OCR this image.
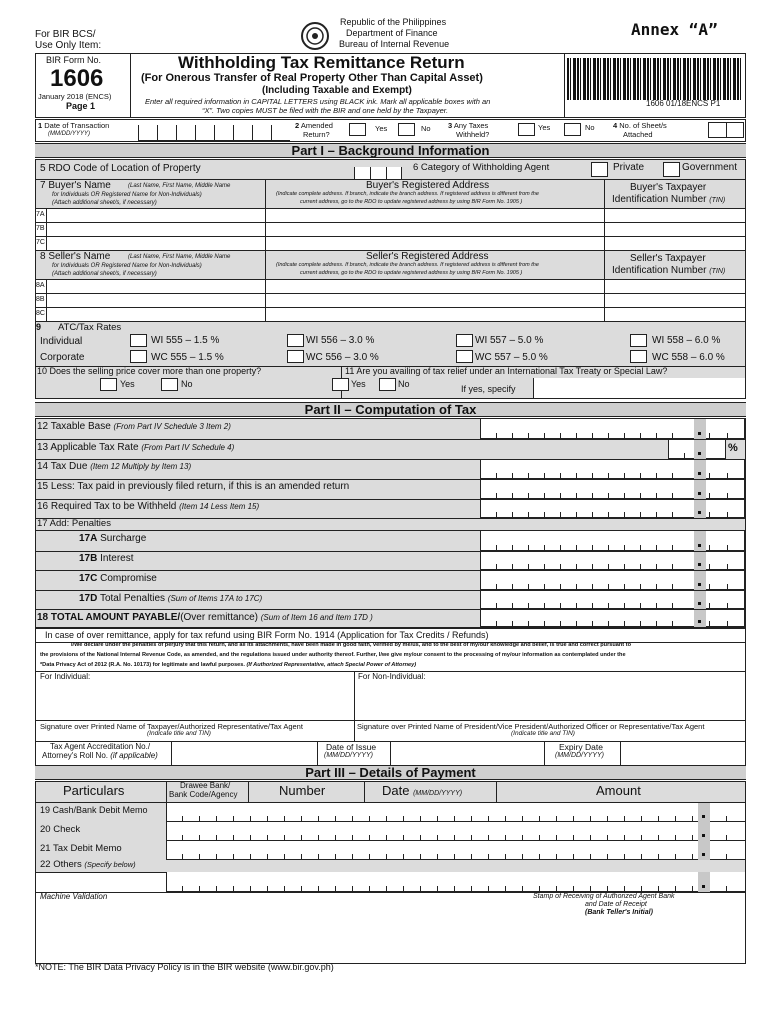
For BIR BCS/
Use Only Item:
Republic of the Philippines
Department of Finance
Bureau of Internal Revenue
Annex “A”
BIR Form No.
1606
January 2018 (ENCS)
Page 1
Withholding Tax Remittance Return
(For Onerous Transfer of Real Property Other Than Capital Asset)
(Including Taxable and Exempt)
Enter all required information in CAPITAL LETTERS using BLACK ink. Mark all applicable boxes with an
“X”. Two copies MUST be filed with the BIR and one held by the Taxpayer.
1606 01/18ENCS P1
1 Date of Transaction
(MM/DD/YYYY)
2 Amended
Return?
Yes	No 3 Any Taxes
Withheld?
Yes	No 4 No. of Sheet/s
Attached
Part I – Background Information
5 RDO Code of Location of Property	6 Category of Withholding Agent	Private	Government
7 Buyer's Name	(Last Name, First Name, Middle Name
for Individuals OR Registered Name for Non-Individuals)
(Attach additional sheet/s, if necessary)
Buyer's Registered Address
(Indicate complete address. If branch, indicate the branch address. If registered address is different from the
current address, go to the RDO to update registered address by using BIR Form No. 1905 )
Buyer's Taxpayer
Identification Number (TIN)
7A
7B
7C
8 Seller's Name	(Last Name, First Name, Middle Name
for Individuals OR Registered Name for Non-Individuals)
(Attach additional sheet/s, if necessary)
Seller's Registered Address
(Indicate complete address. If branch, indicate the branch address. If registered address is different from the
current address, go to the RDO to update registered address by using BIR Form No. 1905 )
Seller's Taxpayer
Identification Number (TIN)
8A
8B
8C
9 ATC/Tax Rates
Individual
Corporate
WI 555 – 1.5 %	WI 556 – 3.0 %	WI 557 – 5.0 %	WI 558 – 6.0 %
WC 555 – 1.5 %	WC 556 – 3.0 %	WC 557 – 5.0 %	WC 558 – 6.0 %
10 Does the selling price cover more than one property?
Yes	No
11 Are you availing of tax relief under an International Tax Treaty or Special Law?
Yes	No	If yes, specify
Part II – Computation of Tax
12 Taxable Base (From Part IV Schedule 3 Item 2)
13 Applicable Tax Rate (From Part IV Schedule 4)	%
14 Tax Due (Item 12 Multiply by Item 13)
15 Less: Tax paid in previously filed return, if this is an amended return
16 Required Tax to be Withheld (Item 14 Less Item 15)
17 Add: Penalties
17A Surcharge
17B Interest
17C Compromise
17D Total Penalties (Sum of Items 17A to 17C)
18 TOTAL AMOUNT PAYABLE/(Over remittance) (Sum of Item 16 and Item 17D )
In case of over remittance, apply for tax refund using BIR Form No. 1914 (Application for Tax Credits / Refunds)
I/We declare under the penalties of perjury that this return, and all its attachments, have been made in good faith, verified by me/us, and to the best of my/our knowledge and belief, is true and correct pursuant to
the provisions of the National Internal Revenue Code, as amended, and the regulations issued under authority thereof. Further, I/we give my/our consent to the processing of my/our information as contemplated under the
*Data Privacy Act of 2012 (R.A. No. 10173) for legitimate and lawful purposes. (If Authorized Representative, attach Special Power of Attorney)
For Individual:	For Non-Individual:
Signature over Printed Name of Taxpayer/Authorized Representative/Tax Agent
(Indicate title and TIN)
Signature over Printed Name of President/Vice President/Authorized Officer or Representative/Tax Agent
(Indicate title and TIN)
Tax Agent Accreditation No./
Attorney's Roll No. (if applicable)
Date of Issue
(MM/DD/YYYY)
Expiry Date
(MM/DD/YYYY)
Part III – Details of Payment
Particulars	Drawee Bank/
Bank Code/Agency	Number	Date (MM/DD/YYYY)	Amount
19 Cash/Bank Debit Memo
20 Check
21 Tax Debit Memo
22 Others (Specify below)
Machine Validation	Stamp of Receiving of Authorized Agent Bank
and Date of Receipt
(Bank Teller's Initial)
*NOTE: The BIR Data Privacy Policy is in the BIR website (www.bir.gov.ph)
